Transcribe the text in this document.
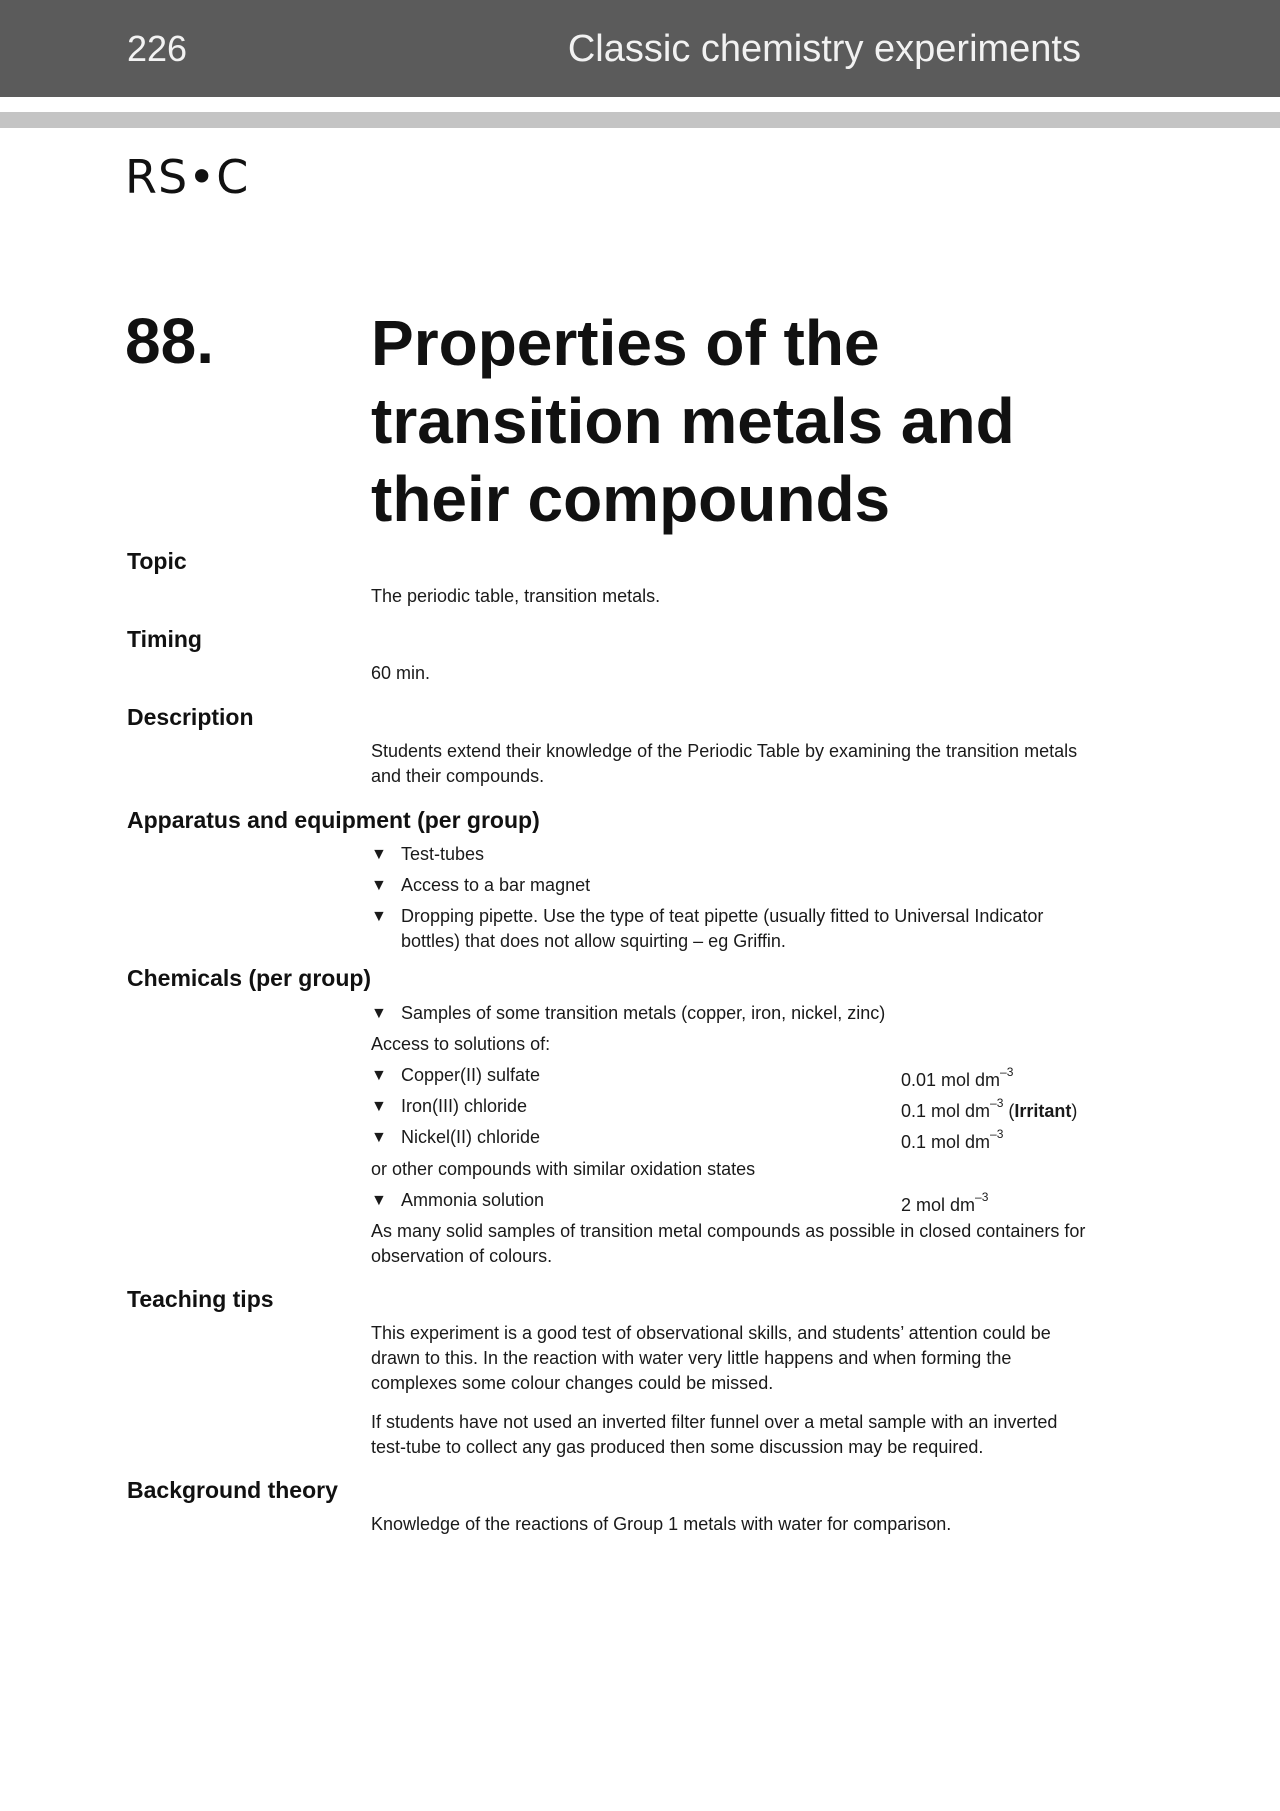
226	Classic chemistry experiments
RS•C
88. Properties of the transition metals and their compounds
Topic

The periodic table, transition metals.

Timing

60 min.

Description

Students extend their knowledge of the Periodic Table by examining the transition metals and their compounds.

Apparatus and equipment (per group)
▼ Test-tubes
▼ Access to a bar magnet
▼ Dropping pipette. Use the type of teat pipette (usually fitted to Universal Indicator bottles) that does not allow squirting – eg Griffin.
Chemicals (per group)
▼ Samples of some transition metals (copper, iron, nickel, zinc)

Access to solutions of:

▼ Copper(II) sulfate	0.01 mol $dm^{-3}$
▼ Iron(III) chloride	0.1 mol $dm^{-3}$ (Irritant)
▼ Nickel(II) chloride	0.1 mol $dm^{-3}$

or other compounds with similar oxidation states

▼ Ammonia solution	2 mol $dm^{-3}$

As many solid samples of transition metal compounds as possible in closed containers for observation of colours.

Teaching tips

This experiment is a good test of observational skills, and students’ attention could be drawn to this. In the reaction with water very little happens and when forming the complexes some colour changes could be missed.

If students have not used an inverted filter funnel over a metal sample with an inverted test-tube to collect any gas produced then some discussion may be required.

Background theory

Knowledge of the reactions of Group 1 metals with water for comparison.
